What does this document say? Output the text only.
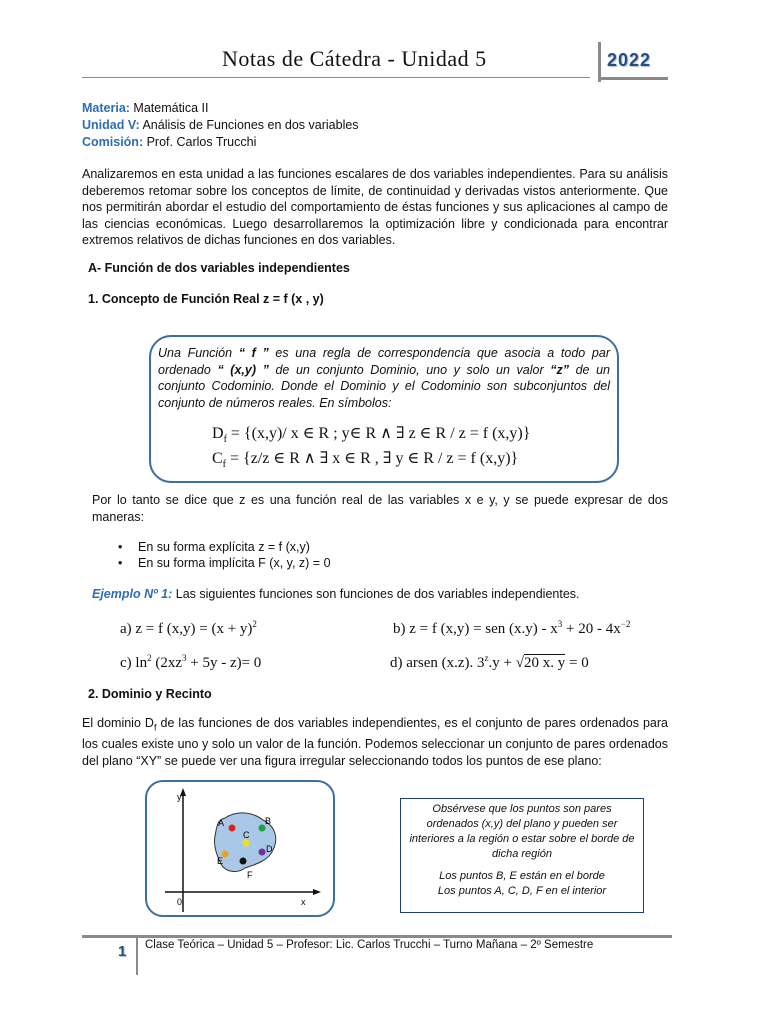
Notas de Cátedra - Unidad 5	2022
Materia: Matemática II
Unidad V: Análisis de Funciones en dos variables
Comisión: Prof. Carlos Trucchi
Analizaremos en esta unidad a las funciones escalares de dos variables independientes. Para su análisis deberemos retomar sobre los conceptos de límite, de continuidad y derivadas vistos anteriormente. Que nos permitirán abordar el estudio del comportamiento de éstas funciones y sus aplicaciones al campo de las ciencias económicas. Luego desarrollaremos la optimización libre y condicionada para encontrar extremos relativos de dichas funciones en dos variables.
A- Función de dos variables independientes
1. Concepto de Función Real z = f (x , y)
Una Función “ f ” es una regla de correspondencia que asocia a todo par ordenado “ (x,y) ” de un conjunto Dominio, uno y solo un valor “z” de un conjunto Codominio. Donde el Dominio y el Codominio son subconjuntos del conjunto de números reales. En símbolos:
$D_f = \{(x,y)/$ x ∈ R ; y∈ R ∧ ∃ z ∈ R / z = f (x,y)}
$C_f = \{z/z$ ∈ R ∧ ∃ x ∈ R , ∃ y ∈ R / z = f (x,y)}
Por lo tanto se dice que z es una función real de las variables x e y, y se puede expresar de dos maneras:
• En su forma explícita z = f (x,y)
• En su forma implícita F (x, y, z) = 0
Ejemplo Nº 1: Las siguientes funciones son funciones de dos variables independientes.
a) z = f $(x,y) = (x + y)^2$	b) z = f (x,y) = sen $(x.y) - x^3 + 20 - 4x^{-2}$
c) $\ln^2 (2xz^3 + 5y - z)= 0$	d) arsen (x.z). $3^z.y + √20$ x. y = 0
2. Dominio y Recinto
El dominio $D_f$ de las funciones de dos variables independientes, es el conjunto de pares ordenados para los cuales existe uno y solo un valor de la función. Podemos seleccionar un conjunto de pares ordenados del plano “XY” se puede ver una figura irregular seleccionando todos los puntos de ese plano:
y
x
0
A	B
C
D
E
F
Obsérvese que los puntos son pares ordenados (x,y) del plano y pueden ser interiores a la región o estar sobre el borde de dicha región
Los puntos B, E están en el borde
Los puntos A, C, D, F en el interior
1 Clase Teórica – Unidad 5 – Profesor: Lic. Carlos Trucchi – Turno Mañana – 2º Semestre
